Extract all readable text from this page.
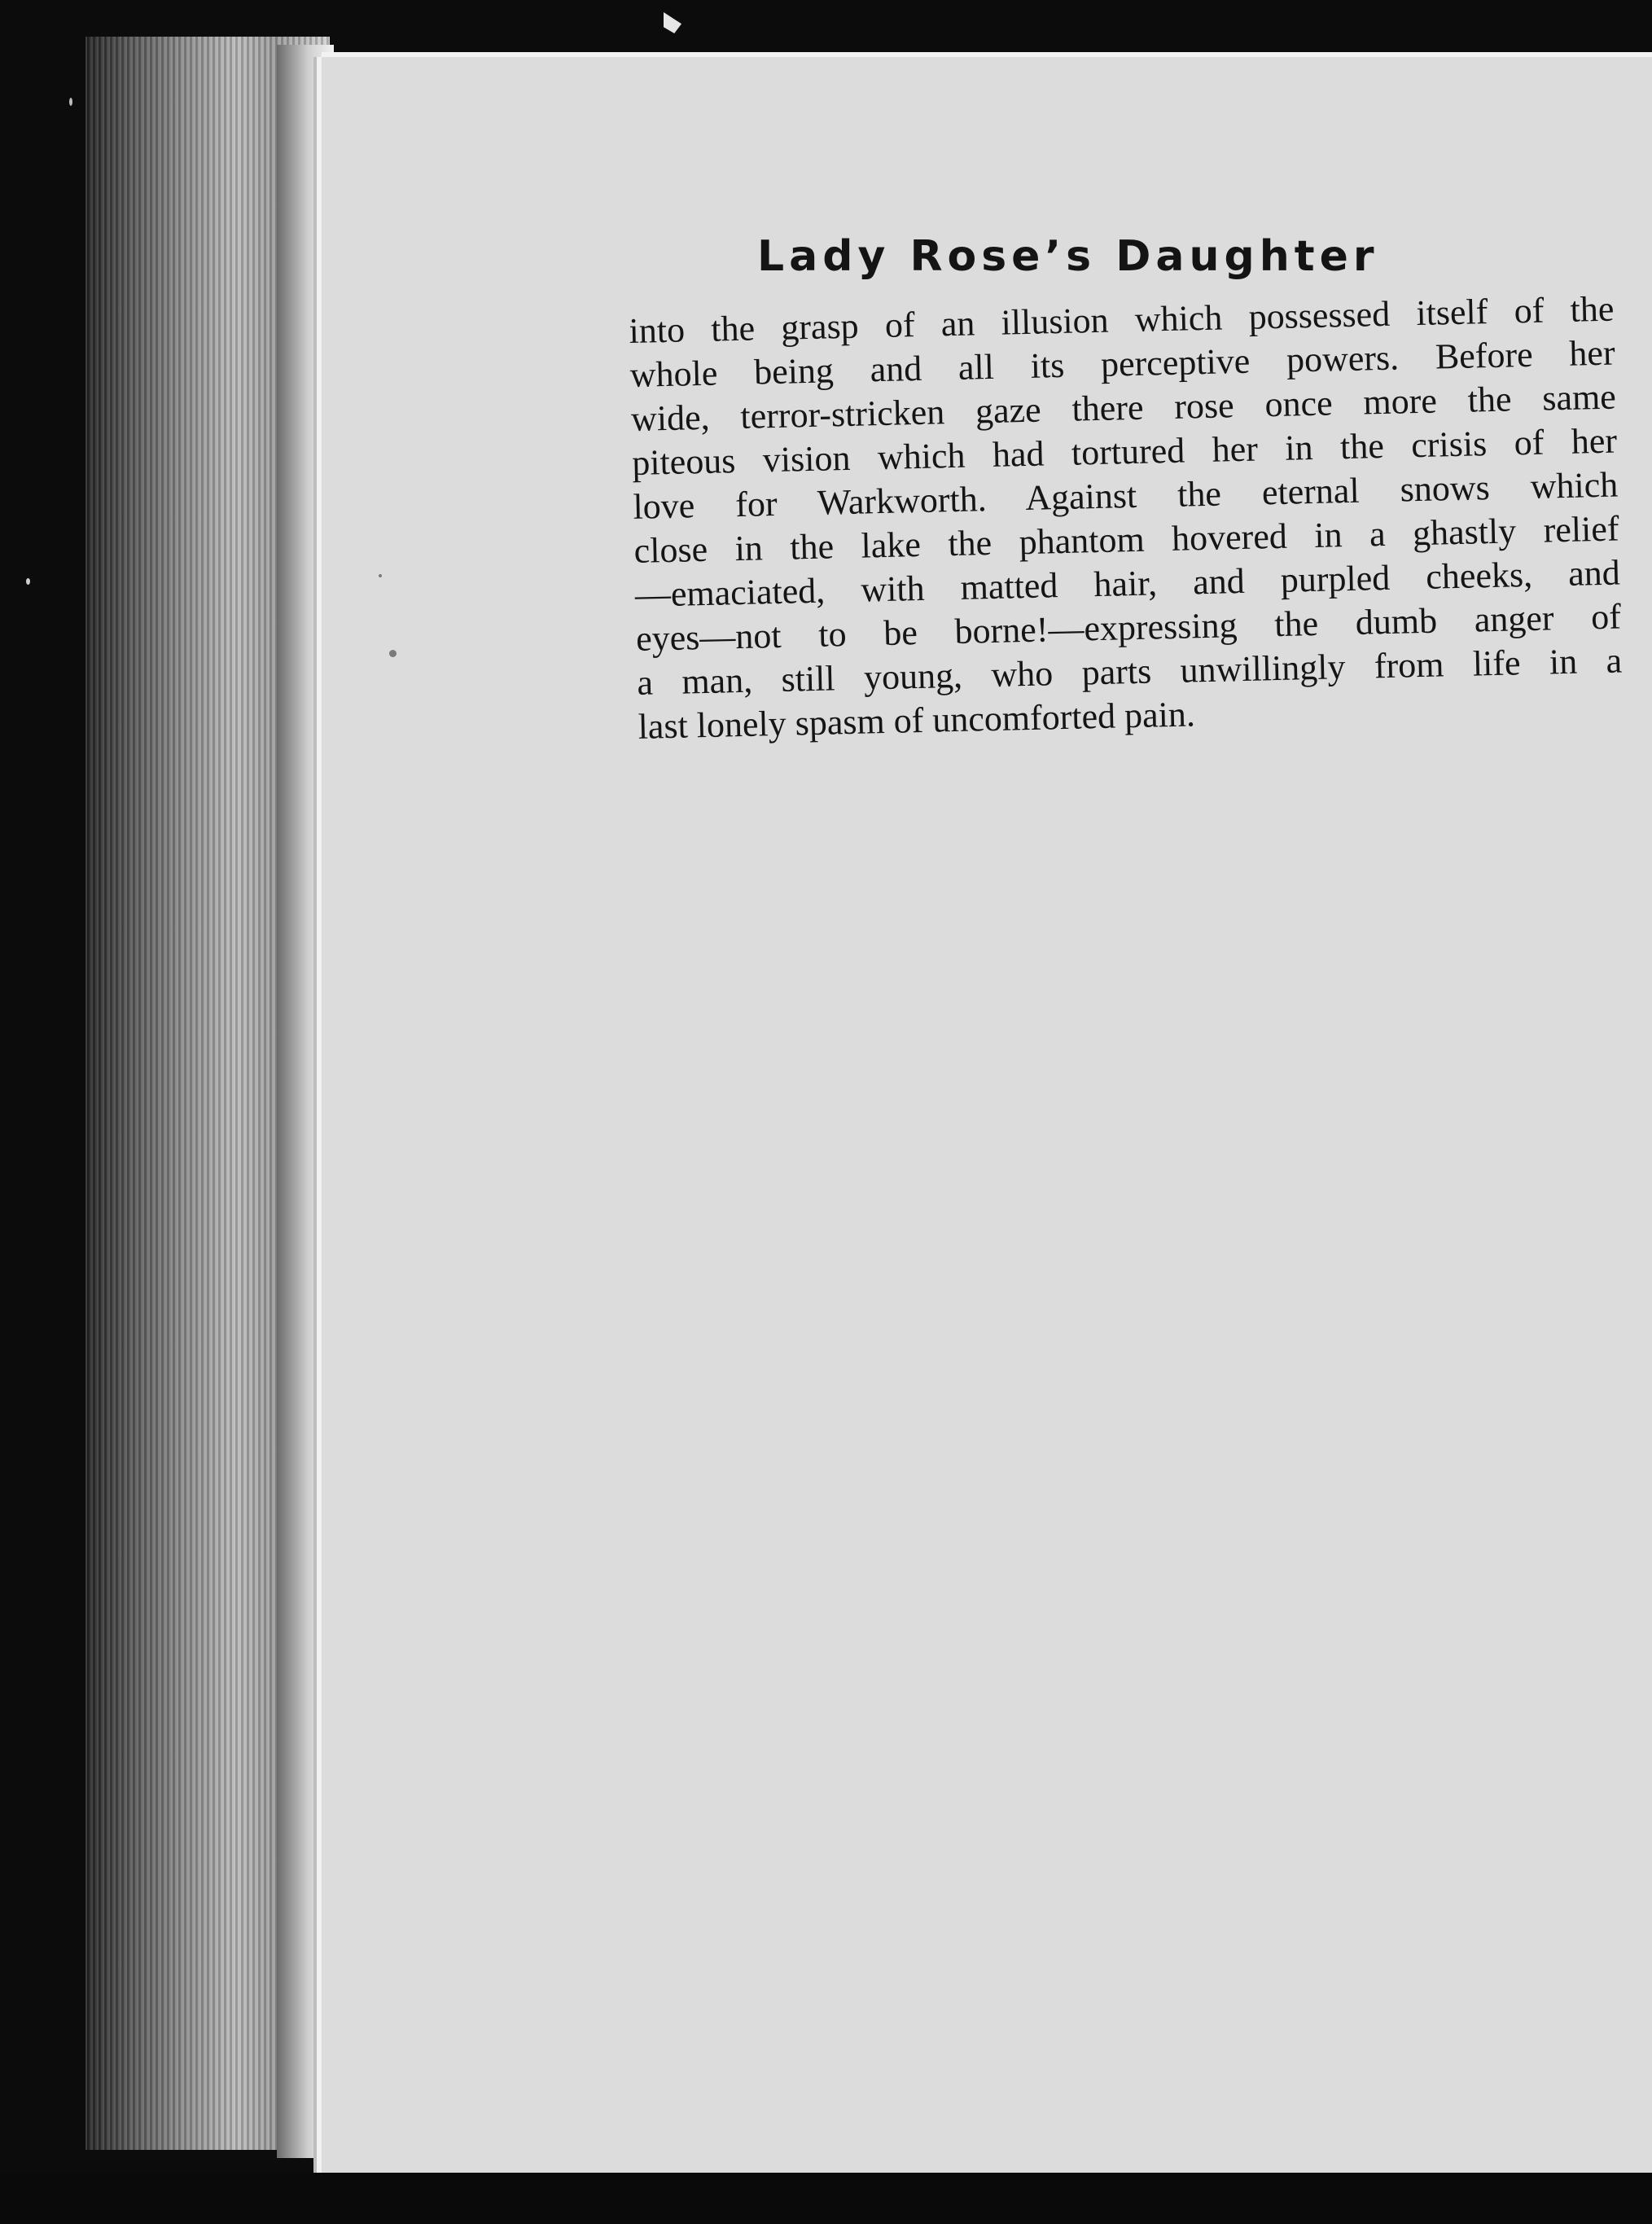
Lady Rose’s Daughter
into the grasp of an illusion which possessed itself of the
whole being and all its perceptive powers. Before her
wide, terror-stricken gaze there rose once more the same
piteous vision which had tortured her in the crisis of her
love for Warkworth. Against the eternal snows which
close in the lake the phantom hovered in a ghastly relief
—emaciated, with matted hair, and purpled cheeks, and
eyes—not to be borne!—expressing the dumb anger of
a man, still young, who parts unwillingly from life in a
last lonely spasm of uncomforted pain.
